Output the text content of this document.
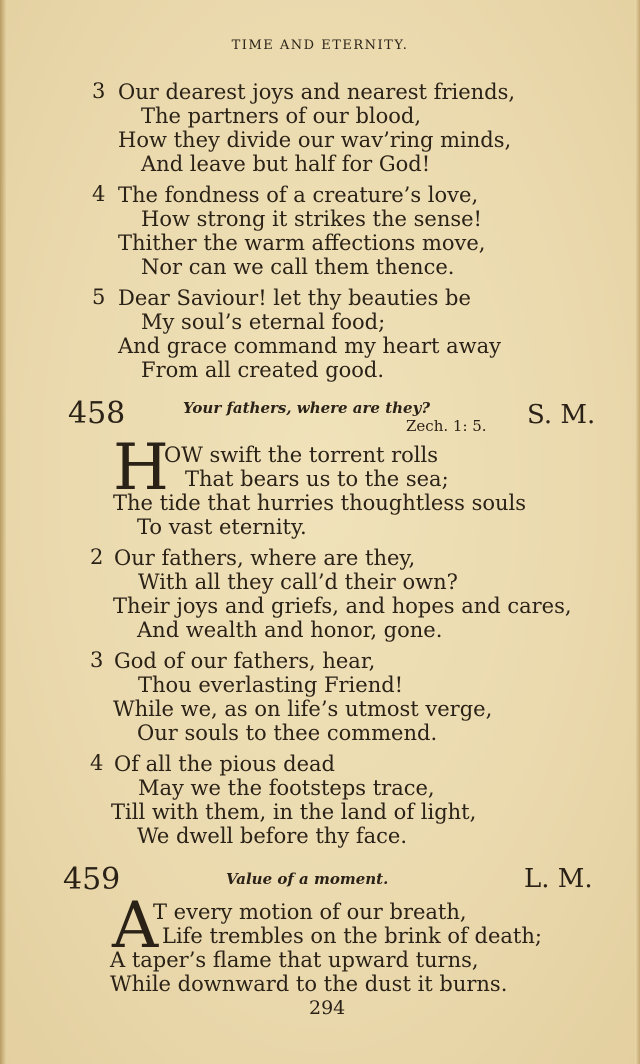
TIME AND ETERNITY.
3 Our dearest joys and nearest friends,
The partners of our blood,
How they divide our wav’ring minds,
And leave but half for God!
4 The fondness of a creature’s love,
How strong it strikes the sense!
Thither the warm affections move,
Nor can we call them thence.
5 Dear Saviour! let thy beauties be
My soul’s eternal food;
And grace command my heart away
From all created good.
458	Your fathers, where are they?
Zech. 1: 5. S. M.
H
OW swift the torrent rolls
That bears us to the sea;
The tide that hurries thoughtless souls
To vast eternity.
2 Our fathers, where are they,
With all they call’d their own?
Their joys and griefs, and hopes and cares,
And wealth and honor, gone.
3 God of our fathers, hear,
Thou everlasting Friend!
While we, as on life’s utmost verge,
Our souls to thee commend.
4 Of all the pious dead
May we the footsteps trace,
Till with them, in the land of light,
We dwell before thy face.
459	Value of a moment.	L. M.
A
T every motion of our breath,
Life trembles on the brink of death;
A taper’s flame that upward turns,
While downward to the dust it burns.
294
